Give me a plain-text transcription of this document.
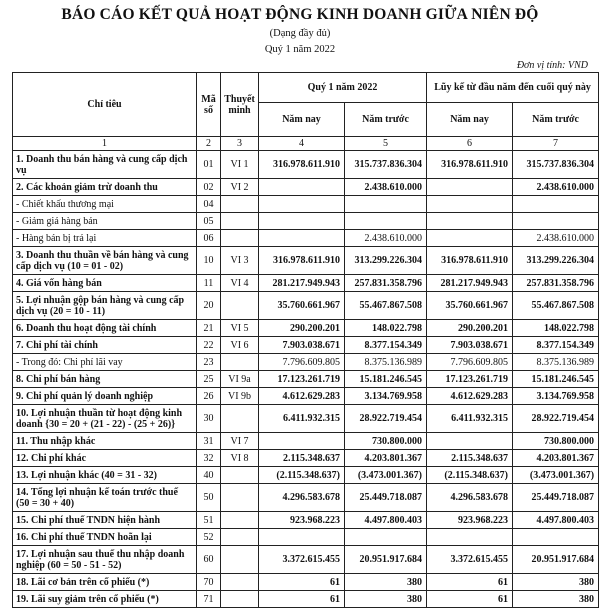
BÁO CÁO KẾT QUẢ HOẠT ĐỘNG KINH DOANH GIỮA NIÊN ĐỘ
(Dạng đầy đủ)
Quý 1 năm 2022
Đơn vị tính: VND
Chỉ tiêu	Mã số	Thuyết minh	Quý 1 năm 2022		Lũy kế từ đầu năm đến cuối quý này	
			Năm nay	Năm trước	Năm nay	Năm trước
1	2	3	4	5	6	7
1. Doanh thu bán hàng và cung cấp dịch vụ	01	VI 1	316.978.611.910	315.737.836.304	316.978.611.910	315.737.836.304
2. Các khoản giảm trừ doanh thu	02	VI 2		2.438.610.000		2.438.610.000
- Chiết khấu thương mại	04					
- Giảm giá hàng bán	05					
- Hàng bán bị trả lại	06			2.438.610.000		2.438.610.000
3. Doanh thu thuần về bán hàng và cung cấp dịch vụ (10 = 01 - 02)	10	VI 3	316.978.611.910	313.299.226.304	316.978.611.910	313.299.226.304
4. Giá vốn hàng bán	11	VI 4	281.217.949.943	257.831.358.796	281.217.949.943	257.831.358.796
5. Lợi nhuận gộp bán hàng và cung cấp dịch vụ (20 = 10 - 11)	20		35.760.661.967	55.467.867.508	35.760.661.967	55.467.867.508
6. Doanh thu hoạt động tài chính	21	VI 5	290.200.201	148.022.798	290.200.201	148.022.798
7. Chi phí tài chính	22	VI 6	7.903.038.671	8.377.154.349	7.903.038.671	8.377.154.349
- Trong đó: Chi phí lãi vay	23		7.796.609.805	8.375.136.989	7.796.609.805	8.375.136.989
8. Chi phí bán hàng	25	VI 9a	17.123.261.719	15.181.246.545	17.123.261.719	15.181.246.545
9. Chi phí quản lý doanh nghiệp	26	VI 9b	4.612.629.283	3.134.769.958	4.612.629.283	3.134.769.958
10. Lợi nhuận thuần từ hoạt động kinh doanh {30 = 20 + (21 - 22) - (25 + 26)}	30		6.411.932.315	28.922.719.454	6.411.932.315	28.922.719.454
11. Thu nhập khác	31	VI 7		730.800.000		730.800.000
12. Chi phí khác	32	VI 8	2.115.348.637	4.203.801.367	2.115.348.637	4.203.801.367
13. Lợi nhuận khác (40 = 31 - 32)	40		(2.115.348.637)	(3.473.001.367)	(2.115.348.637)	(3.473.001.367)
14. Tổng lợi nhuận kế toán trước thuế (50 = 30 + 40)	50		4.296.583.678	25.449.718.087	4.296.583.678	25.449.718.087
15. Chi phí thuế TNDN hiện hành	51		923.968.223	4.497.800.403	923.968.223	4.497.800.403
16. Chi phí thuế TNDN hoãn lại	52					
17. Lợi nhuận sau thuế thu nhập doanh nghiệp (60 = 50 - 51 - 52)	60		3.372.615.455	20.951.917.684	3.372.615.455	20.951.917.684
18. Lãi cơ bản trên cổ phiếu (*)	70		61	380	61	380
19. Lãi suy giảm trên cổ phiếu (*)	71		61	380	61	380
